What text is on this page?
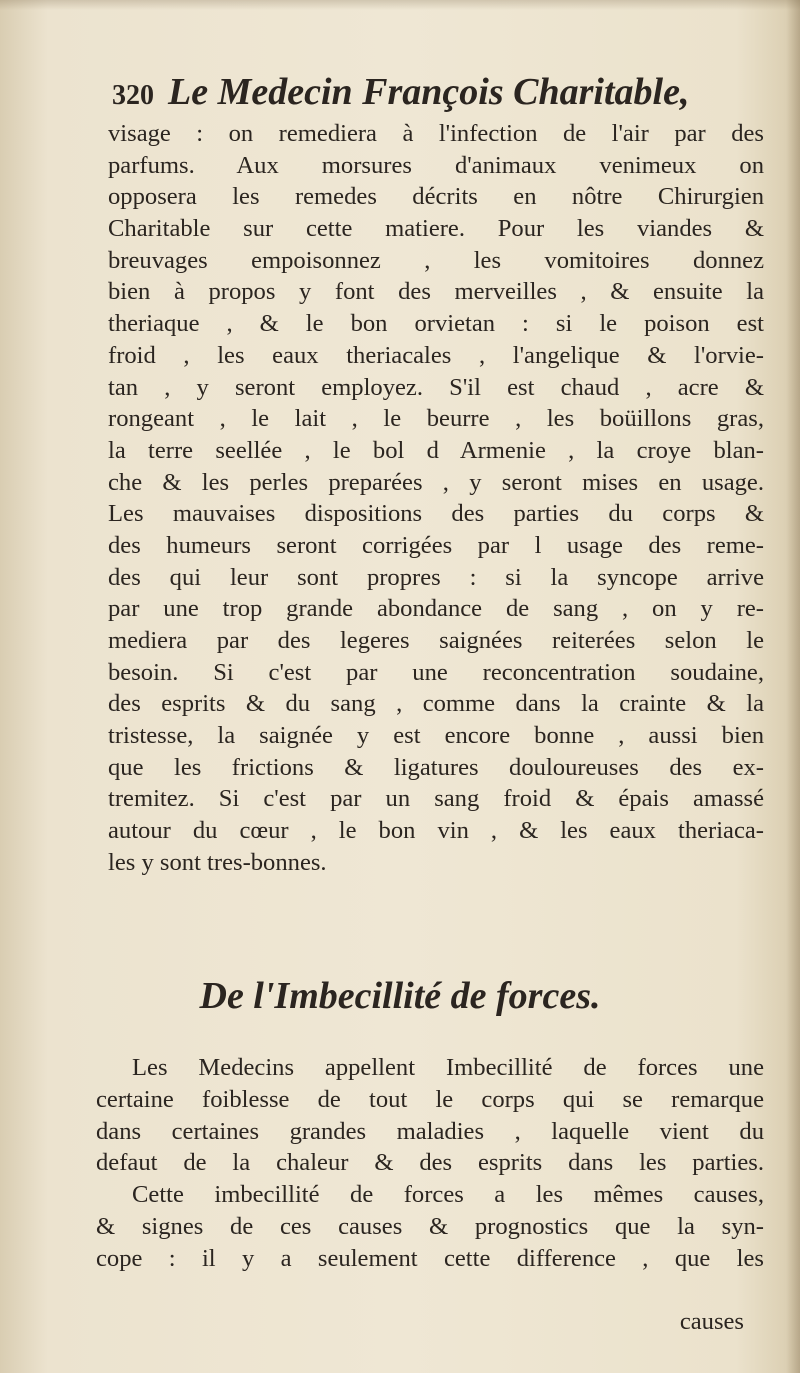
320 Le Medecin François Charitable,
visage : on remediera à l'infection de l'air par des
parfums. Aux morsures d'animaux venimeux on
opposera les remedes décrits en nôtre Chirurgien
Charitable sur cette matiere. Pour les viandes &
breuvages empoisonnez , les vomitoires donnez
bien à propos y font des merveilles , & ensuite la
theriaque , & le bon orvietan : si le poison est
froid , les eaux theriacales , l'angelique & l'orvie-
tan , y seront employez. S'il est chaud , acre &
rongeant , le lait , le beurre , les boüillons gras,
la terre seellée , le bol d Armenie , la croye blan-
che & les perles preparées , y seront mises en usage.
Les mauvaises dispositions des parties du corps &
des humeurs seront corrigées par l usage des reme-
des qui leur sont propres : si la syncope arrive
par une trop grande abondance de sang , on y re-
mediera par des legeres saignées reiterées selon le
besoin. Si c'est par une reconcentration soudaine,
des esprits & du sang , comme dans la crainte & la
tristesse, la saignée y est encore bonne , aussi bien
que les frictions & ligatures douloureuses des ex-
tremitez. Si c'est par un sang froid & épais amassé
autour du cœur , le bon vin , & les eaux theriaca-
les y sont tres-bonnes.
De l'Imbecillité de forces.
Les Medecins appellent Imbecillité de forces une
certaine foiblesse de tout le corps qui se remarque
dans certaines grandes maladies , laquelle vient du
defaut de la chaleur & des esprits dans les parties.
Cette imbecillité de forces a les mêmes causes,
& signes de ces causes & prognostics que la syn-
cope : il y a seulement cette difference , que les
causes
